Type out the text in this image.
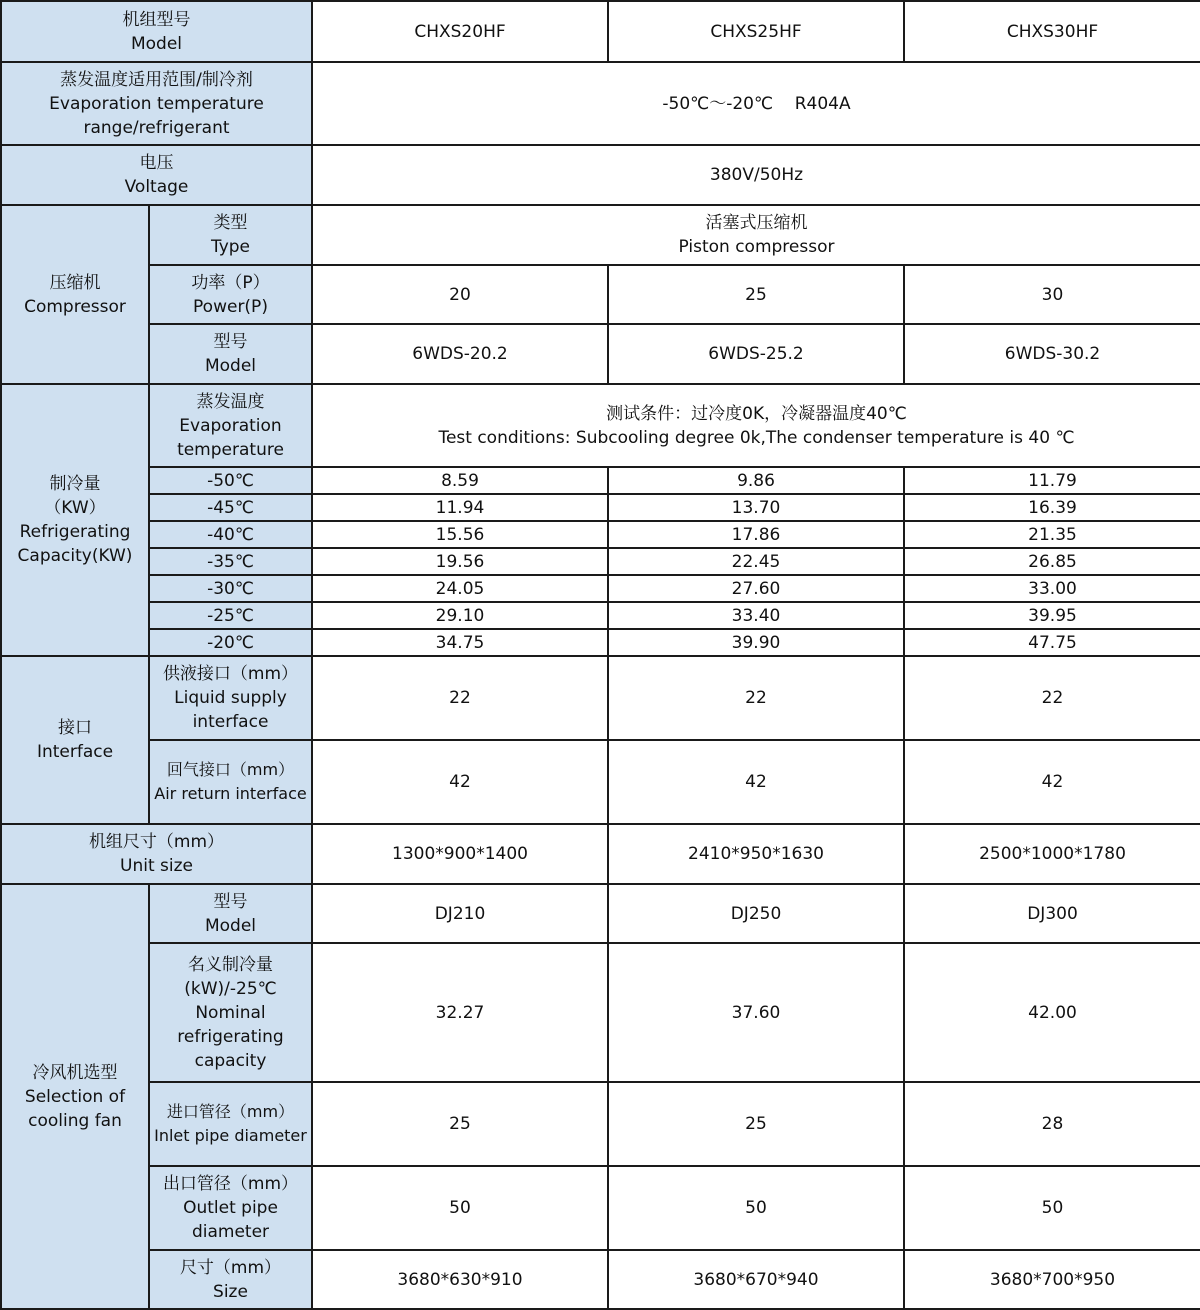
机组型号
Model		CHXS20HF	CHXS25HF	CHXS30HF

蒸发温度适用范围/制冷剂
Evaporation temperature
range/refrigerant		-50℃～-20℃    R404A		

电压
Voltage		380V/50Hz		

压缩机
Compressor	类型
Type	活塞式压缩机
Piston compressor		

	功率（P）
Power(P)	20	25	30

	型号
Model	6WDS-20.2	6WDS-25.2	6WDS-30.2

制冷量
（KW）
Refrigerating
Capacity(KW)	蒸发温度
Evaporation
temperature	测试条件：过冷度0K，冷凝器温度40℃
Test conditions: Subcooling degree 0k,The condenser temperature is 40 ℃		

	-50℃	8.59	9.86	11.79
	-45℃	11.94	13.70	16.39
	-40℃	15.56	17.86	21.35
	-35℃	19.56	22.45	26.85
	-30℃	24.05	27.60	33.00
	-25℃	29.10	33.40	39.95
	-20℃	34.75	39.90	47.75

接口
Interface	供液接口（mm）
Liquid supply
interface	22	22	22

	回气接口（mm）
Air return interface	42	42	42

机组尺寸（mm）
Unit size		1300*900*1400	2410*950*1630	2500*1000*1780

冷风机选型
Selection of
cooling fan	型号
Model	DJ210	DJ250	DJ300
	名义制冷量(kW)/-25℃ Nominal refrigerating capacity	32.27	37.60	42.00

	进口管径（mm）
Inlet pipe diameter	25	25	28

	出口管径（mm）
Outlet pipe
diameter	50	50	50

	尺寸（mm）
Size	3680*630*910	3680*670*940	3680*700*950
